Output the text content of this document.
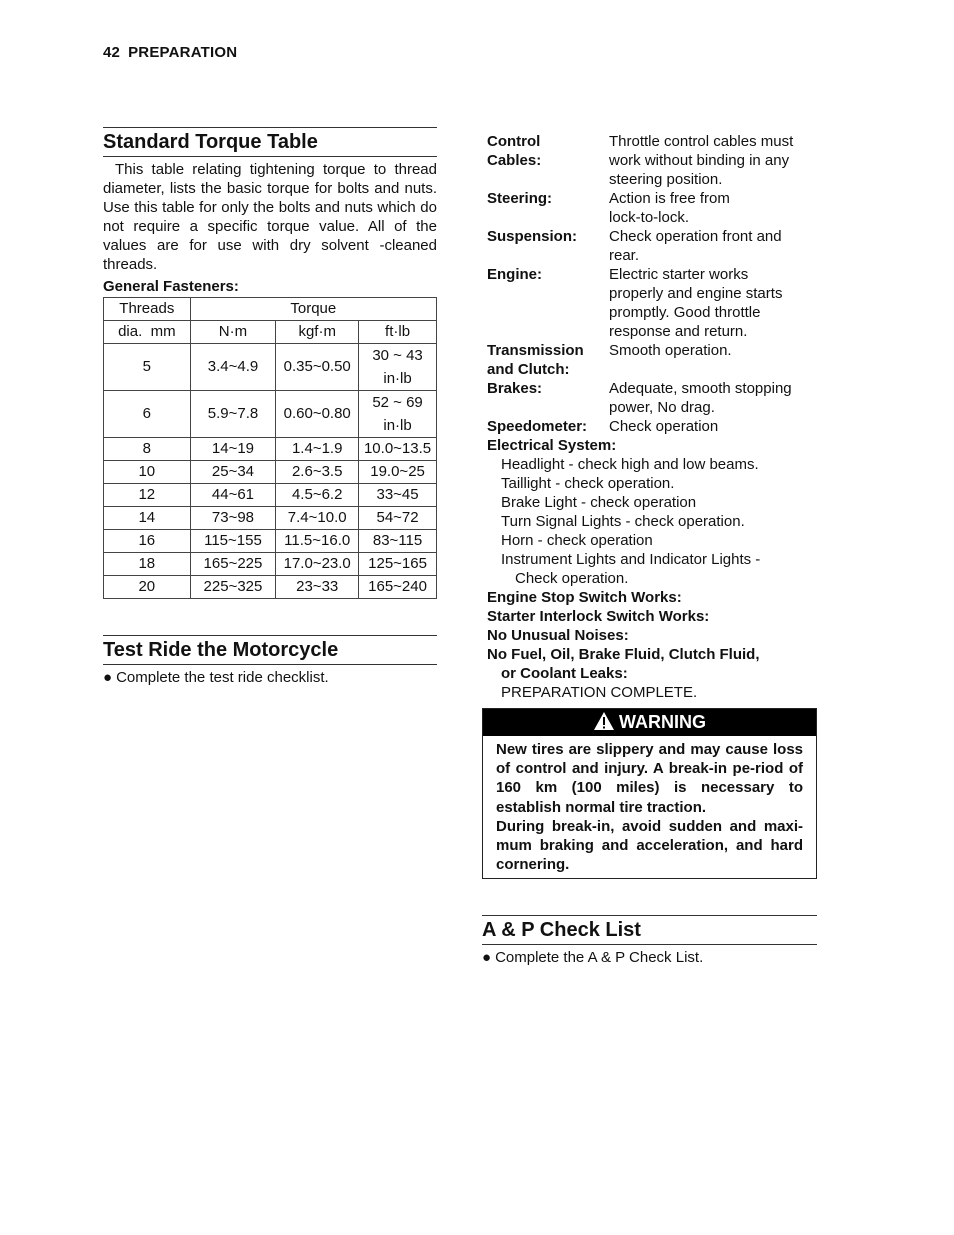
42 PREPARATION
Standard Torque Table

This table relating tightening torque to thread diameter, lists the basic torque for bolts and nuts. Use this table for only the bolts and nuts which do not require a specific torque value. All of the values are for use with dry solvent -cleaned threads.

General Fasteners:
Threads	Torque		
dia.  mm	N·m	kgf·m	ft·lb
5	3.4~4.9	0.35~0.50	30 ~ 43
in·lb

6	5.9~7.8	0.60~0.80	52 ~ 69
in·lb

8	14~19	1.4~1.9	10.0~13.5
10	25~34	2.6~3.5	19.0~25
12	44~61	4.5~6.2	33~45
14	73~98	7.4~10.0	54~72
16	115~155	11.5~16.0	83~115
18	165~225	17.0~23.0	125~165
20	225~325	23~33	165~240
Test Ride the Motorcycle
● Complete the test ride checklist.
Control
Cables:
Throttle control cables must
work without binding in any
steering position.
Steering:	Action is free from
lock-to-lock.
Suspension:	Check operation front and
rear.
Engine:	Electric starter works
properly and engine starts
promptly. Good throttle
response and return.
Transmission
and Clutch:
Smooth operation.
Brakes:	Adequate, smooth stopping
power, No drag.
Speedometer:	Check operation
Electrical System:
Headlight - check high and low beams.
Taillight - check operation.
Brake Light - check operation
Turn Signal Lights - check operation.
Horn - check operation
Instrument Lights and Indicator Lights -
Check operation.
Engine Stop Switch Works:
Starter Interlock Switch Works:
No Unusual Noises:
No Fuel, Oil, Brake Fluid, Clutch Fluid,
or Coolant Leaks:
PREPARATION COMPLETE.
WARNING
New tires are slippery and may cause loss of control and injury. A break-in pe-riod of 160 km (100 miles) is necessary to establish normal tire traction.
During break-in, avoid sudden and maxi-mum braking and acceleration, and hard cornering.
A & P Check List
● Complete the A & P Check List.
